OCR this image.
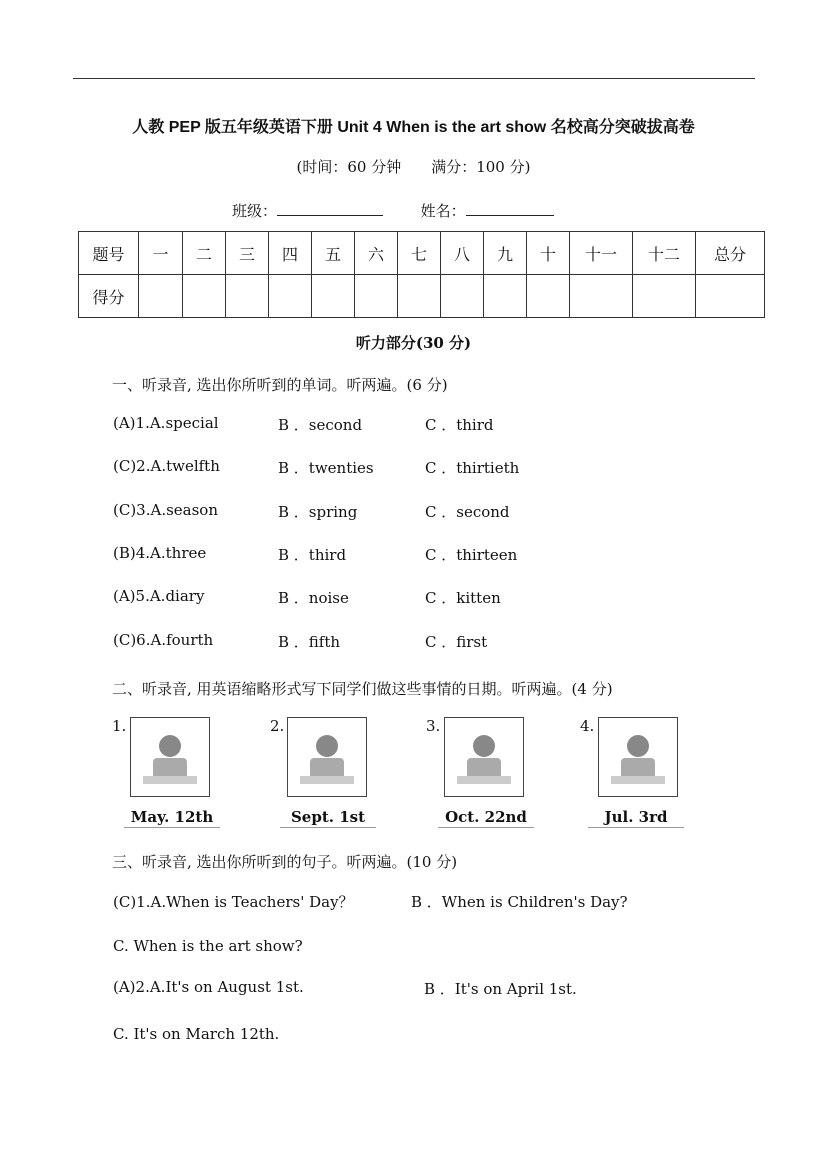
人教 PEP 版五年级英语下册 Unit 4 When is the art show 名校高分突破拔高卷
(时间：60 分钟　　满分：100 分)
班级：	姓名：
题号	一	二	三	四	五	六	七	八	九	十	十一	十二	总分
得分													
听力部分(30 分)
一、听录音, 选出你所听到的单词。听两遍。(6 分)
(A)1.A.special	B ．second	C ．third
(C)2.A.twelfth	B ．twenties	C ．thirtieth
(C)3.A.season	B ．spring	C ．second
(B)4.A.three	B ．third	C ．thirteen
(A)5.A.diary	B ．noise	C ．kitten
(C)6.A.fourth	B ．fifth	C ．first
二、听录音, 用英语缩略形式写下同学们做这些事情的日期。听两遍。(4 分)
1.
May. 12th
2.
Sept. 1st
3.
Oct. 22nd
4.
Jul. 3rd
三、听录音, 选出你所听到的句子。听两遍。(10 分)
(C)1.A.When is Teachers' Day？	B ．When is Children's Day?
C. When is the art show?
(A)2.A.It's on August 1st.	B ．It's on April 1st.
C. It's on March 12th.
